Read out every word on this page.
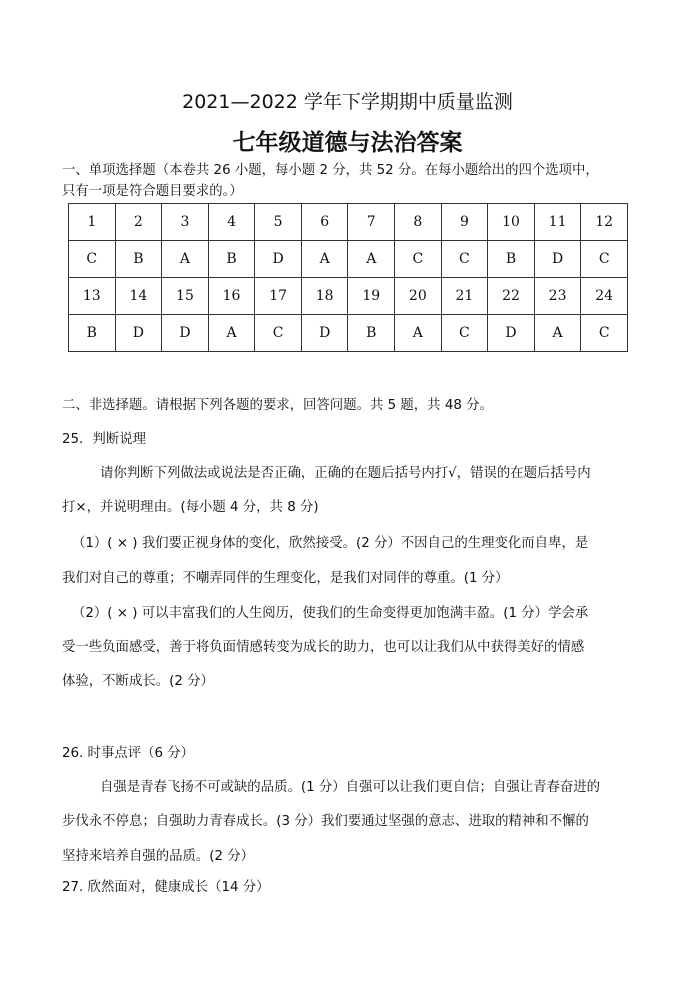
2021—2022 学年下学期期中质量监测
七年级道德与法治答案
一、单项选择题（本卷共 26 小题，每小题 2 分，共 52 分。在每小题给出的四个选项中，
只有一项是符合题目要求的。）
1	2	3	4	5	6	7	8	9	10	11	12
C	B	A	B	D	A	A	C	C	B	D	C
13	14	15	16	17	18	19	20	21	22	23	24
B	D	D	A	C	D	B	A	C	D	A	C
二、非选择题。请根据下列各题的要求，回答问题。共 5 题，共 48 分。
25．判断说理
请你判断下列做法或说法是否正确，正确的在题后括号内打√，错误的在题后括号内
打×，并说明理由。(每小题 4 分，共 8 分)
（1）( × ) 我们要正视身体的变化，欣然接受。(2 分）不因自己的生理变化而自卑，是
我们对自己的尊重；不嘲弄同伴的生理变化，是我们对同伴的尊重。(1 分）
（2）( × ) 可以丰富我们的人生阅历，使我们的生命变得更加饱满丰盈。(1 分）学会承
受一些负面感受，善于将负面情感转变为成长的助力，也可以让我们从中获得美好的情感
体验，不断成长。(2 分）
26. 时事点评（6 分）
自强是青春飞扬不可或缺的品质。(1 分）自强可以让我们更自信；自强让青春奋进的
步伐永不停息；自强助力青春成长。(3 分）我们要通过坚强的意志、进取的精神和不懈的
坚持来培养自强的品质。(2 分）
27. 欣然面对，健康成长（14 分）
